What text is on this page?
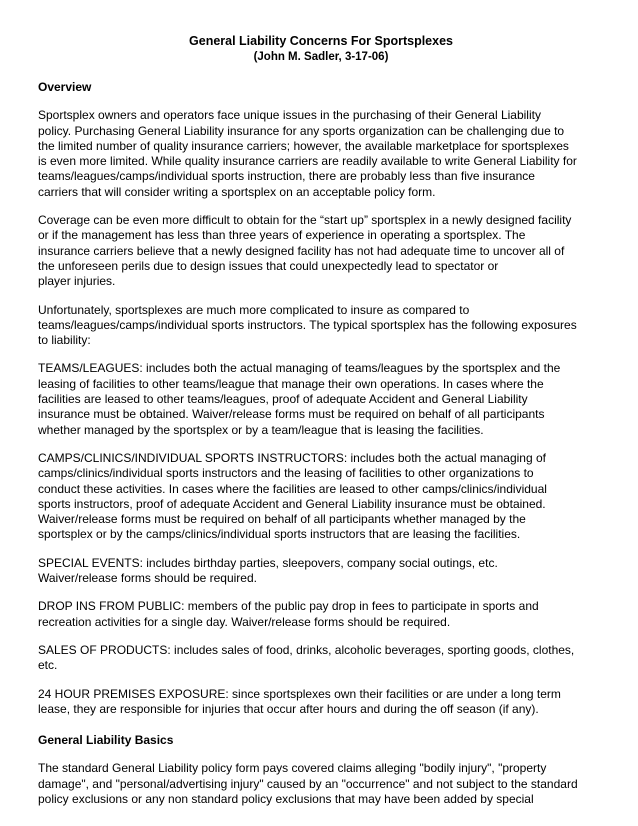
General Liability Concerns For Sportsplexes
(John M. Sadler, 3-17-06)
Overview

Sportsplex owners and operators face unique issues in the purchasing of their General Liability
policy. Purchasing General Liability insurance for any sports organization can be challenging due to
the limited number of quality insurance carriers; however, the available marketplace for sportsplexes
is even more limited. While quality insurance carriers are readily available to write General Liability for
teams/leagues/camps/individual sports instruction, there are probably less than five insurance
carriers that will consider writing a sportsplex on an acceptable policy form.

Coverage can be even more difficult to obtain for the “start up” sportsplex in a newly designed facility
or if the management has less than three years of experience in operating a sportsplex. The
insurance carriers believe that a newly designed facility has not had adequate time to uncover all of
the unforeseen perils due to design issues that could unexpectedly lead to spectator or
player injuries.

Unfortunately, sportsplexes are much more complicated to insure as compared to
teams/leagues/camps/individual sports instructors. The typical sportsplex has the following exposures
to liability:

TEAMS/LEAGUES: includes both the actual managing of teams/leagues by the sportsplex and the
leasing of facilities to other teams/league that manage their own operations. In cases where the
facilities are leased to other teams/leagues, proof of adequate Accident and General Liability
insurance must be obtained. Waiver/release forms must be required on behalf of all participants
whether managed by the sportsplex or by a team/league that is leasing the facilities.

CAMPS/CLINICS/INDIVIDUAL SPORTS INSTRUCTORS: includes both the actual managing of
camps/clinics/individual sports instructors and the leasing of facilities to other organizations to
conduct these activities. In cases where the facilities are leased to other camps/clinics/individual
sports instructors, proof of adequate Accident and General Liability insurance must be obtained.
Waiver/release forms must be required on behalf of all participants whether managed by the
sportsplex or by the camps/clinics/individual sports instructors that are leasing the facilities.

SPECIAL EVENTS: includes birthday parties, sleepovers, company social outings, etc.
Waiver/release forms should be required.

DROP INS FROM PUBLIC: members of the public pay drop in fees to participate in sports and
recreation activities for a single day. Waiver/release forms should be required.

SALES OF PRODUCTS: includes sales of food, drinks, alcoholic beverages, sporting goods, clothes,
etc.

24 HOUR PREMISES EXPOSURE: since sportsplexes own their facilities or are under a long term
lease, they are responsible for injuries that occur after hours and during the off season (if any).

General Liability Basics

The standard General Liability policy form pays covered claims alleging "bodily injury", "property
damage", and "personal/advertising injury" caused by an "occurrence" and not subject to the standard
policy exclusions or any non standard policy exclusions that may have been added by special
